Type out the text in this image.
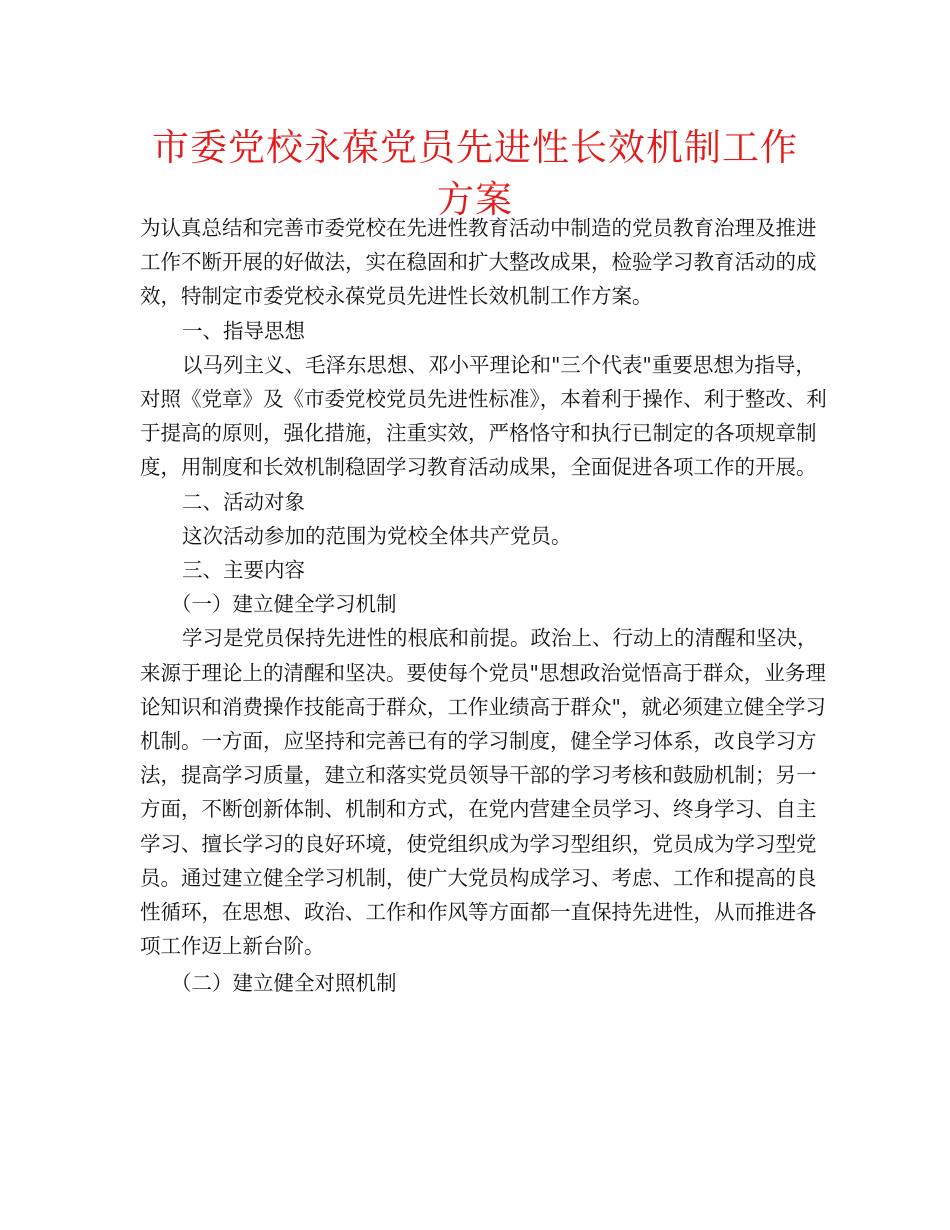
市委党校永葆党员先进性长效机制工作方案

为认真总结和完善市委党校在先进性教育活动中制造的党员教育治理及推进工作不断开展的好做法，实在稳固和扩大整改成果，检验学习教育活动的成效，特制定市委党校永葆党员先进性长效机制工作方案。

一、指导思想

以马列主义、毛泽东思想、邓小平理论和"三个代表"重要思想为指导，对照《党章》及《市委党校党员先进性标准》，本着利于操作、利于整改、利于提高的原则，强化措施，注重实效，严格恪守和执行已制定的各项规章制度，用制度和长效机制稳固学习教育活动成果，全面促进各项工作的开展。

二、活动对象

这次活动参加的范围为党校全体共产党员。

三、主要内容

（一）建立健全学习机制

学习是党员保持先进性的根底和前提。政治上、行动上的清醒和坚决，来源于理论上的清醒和坚决。要使每个党员"思想政治觉悟高于群众，业务理论知识和消费操作技能高于群众，工作业绩高于群众"，就必须建立健全学习机制。一方面，应坚持和完善已有的学习制度，健全学习体系，改良学习方法，提高学习质量，建立和落实党员领导干部的学习考核和鼓励机制；另一方面，不断创新体制、机制和方式，在党内营建全员学习、终身学习、自主学习、擅长学习的良好环境，使党组织成为学习型组织，党员成为学习型党员。通过建立健全学习机制，使广大党员构成学习、考虑、工作和提高的良性循环，在思想、政治、工作和作风等方面都一直保持先进性，从而推进各项工作迈上新台阶。

（二）建立健全对照机制
